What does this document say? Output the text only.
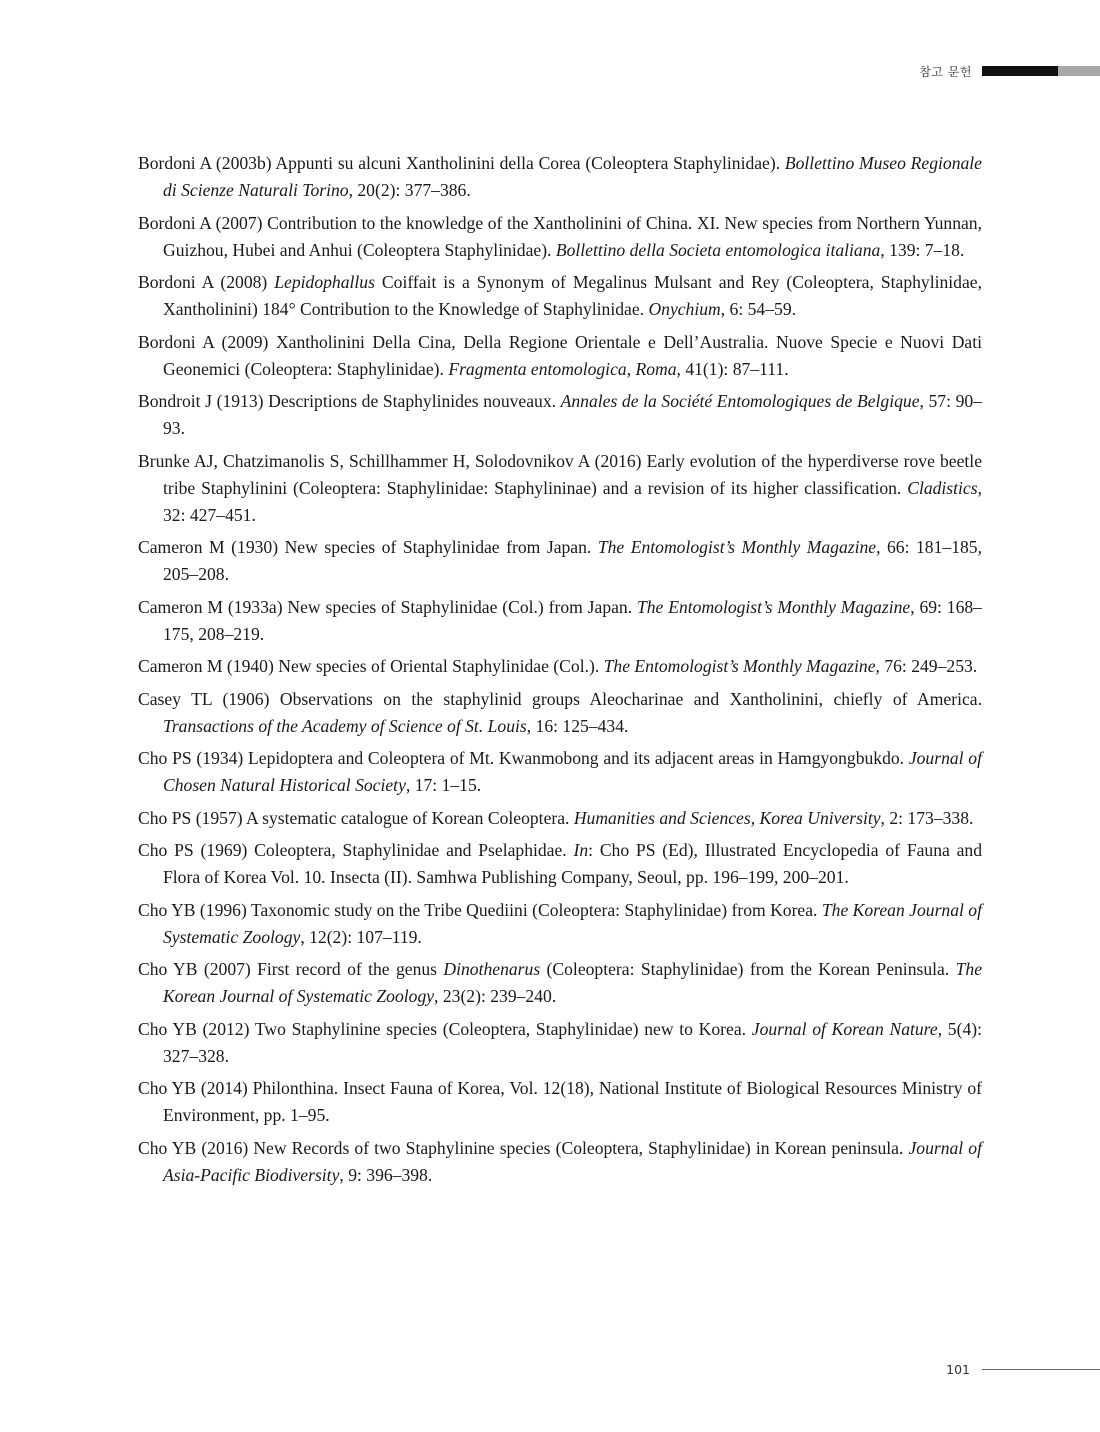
참고 문헌

Bordoni A (2003b) Appunti su alcuni Xantholinini della Corea (Coleoptera Staphylinidae). Bollettino Museo Regionale di Scienze Naturali Torino, 20(2): 377–386.

Bordoni A (2007) Contribution to the knowledge of the Xantholinini of China. XI. New species from Northern Yunnan, Guizhou, Hubei and Anhui (Coleoptera Staphylinidae). Bollettino della Societa entomologica italiana, 139: 7–18.

Bordoni A (2008) Lepidophallus Coiffait is a Synonym of Megalinus Mulsant and Rey (Coleoptera, Staphylinidae, Xantholinini) 184° Contribution to the Knowledge of Staphylinidae. Onychium, 6: 54–59.

Bordoni A (2009) Xantholinini Della Cina, Della Regione Orientale e Dell’Australia. Nuove Specie e Nuovi Dati Geonemici (Coleoptera: Staphylinidae). Fragmenta entomologica, Roma, 41(1): 87–111.

Bondroit J (1913) Descriptions de Staphylinides nouveaux. Annales de la Société Entomologiques de Belgique, 57: 90–93.

Brunke AJ, Chatzimanolis S, Schillhammer H, Solodovnikov A (2016) Early evolution of the hyperdiverse rove beetle tribe Staphylinini (Coleoptera: Staphylinidae: Staphylininae) and a revision of its higher classification. Cladistics, 32: 427–451.

Cameron M (1930) New species of Staphylinidae from Japan. The Entomologist’s Monthly Magazine, 66: 181–185, 205–208.

Cameron M (1933a) New species of Staphylinidae (Col.) from Japan. The Entomologist’s Monthly Magazine, 69: 168–175, 208–219.

Cameron M (1940) New species of Oriental Staphylinidae (Col.). The Entomologist’s Monthly Magazine, 76: 249–253.

Casey TL (1906) Observations on the staphylinid groups Aleocharinae and Xantholinini, chiefly of America. Transactions of the Academy of Science of St. Louis, 16: 125–434.

Cho PS (1934) Lepidoptera and Coleoptera of Mt. Kwanmobong and its adjacent areas in Hamgyongbukdo. Journal of Chosen Natural Historical Society, 17: 1–15.

Cho PS (1957) A systematic catalogue of Korean Coleoptera. Humanities and Sciences, Korea University, 2: 173–338.

Cho PS (1969) Coleoptera, Staphylinidae and Pselaphidae. In: Cho PS (Ed), Illustrated Encyclopedia of Fauna and Flora of Korea Vol. 10. Insecta (II). Samhwa Publishing Company, Seoul, pp. 196–199, 200–201.

Cho YB (1996) Taxonomic study on the Tribe Quediini (Coleoptera: Staphylinidae) from Korea. The Korean Journal of Systematic Zoology, 12(2): 107–119.

Cho YB (2007) First record of the genus Dinothenarus (Coleoptera: Staphylinidae) from the Korean Peninsula. The Korean Journal of Systematic Zoology, 23(2): 239–240.

Cho YB (2012) Two Staphylinine species (Coleoptera, Staphylinidae) new to Korea. Journal of Korean Nature, 5(4): 327–328.

Cho YB (2014) Philonthina. Insect Fauna of Korea, Vol. 12(18), National Institute of Biological Resources Ministry of Environment, pp. 1–95.

Cho YB (2016) New Records of two Staphylinine species (Coleoptera, Staphylinidae) in Korean peninsula. Journal of Asia-Pacific Biodiversity, 9: 396–398.

101
